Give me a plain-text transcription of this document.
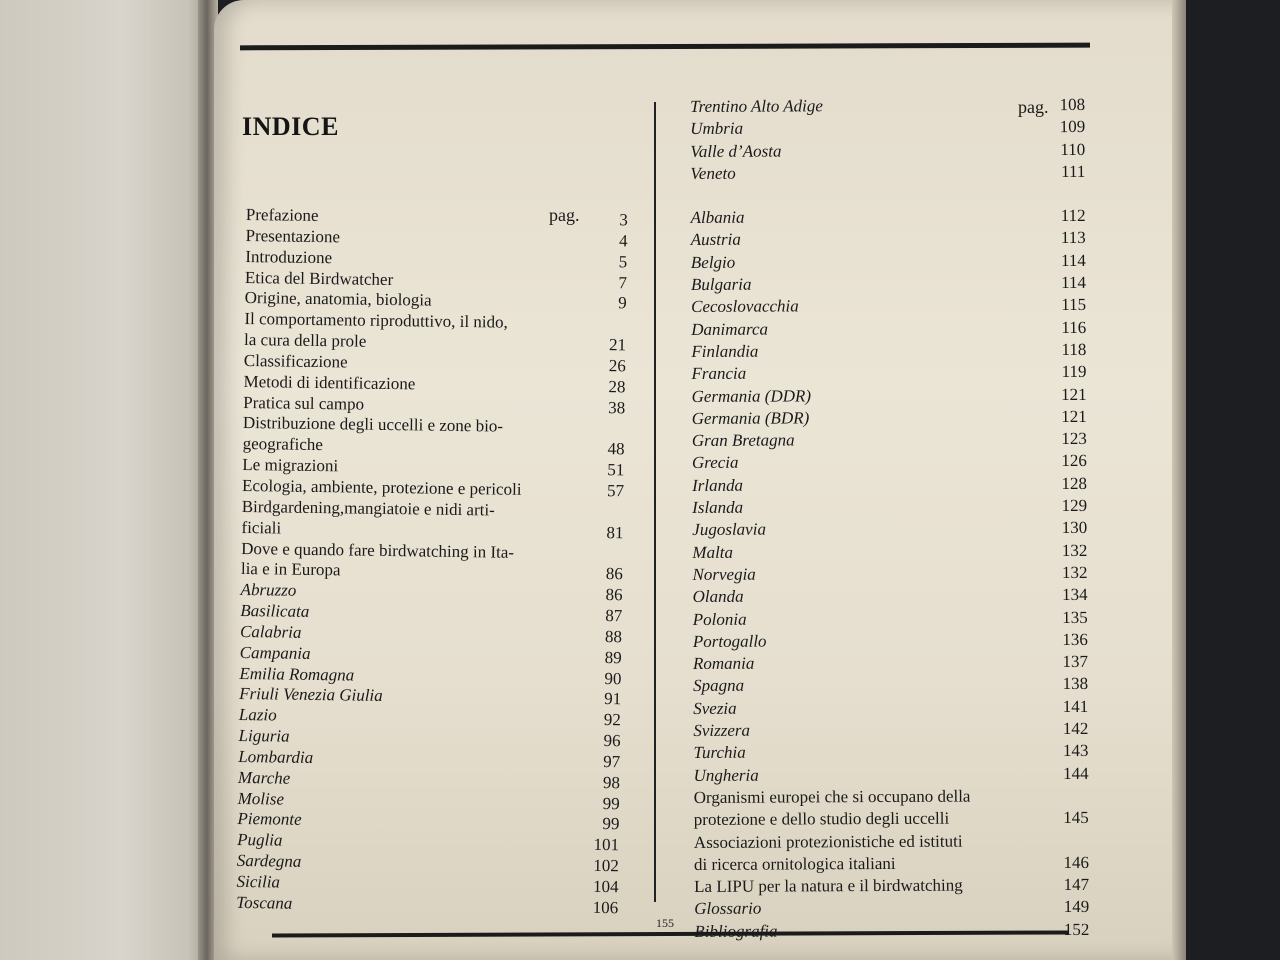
INDICE
pag.
pag.
Prefazione	3
Presentazione	4
Introduzione	5
Etica del Birdwatcher	7
Origine, anatomia, biologia	9
Il comportamento riproduttivo, il nido,
la cura della prole	21
Classificazione	26
Metodi di identificazione	28
Pratica sul campo	38
Distribuzione degli uccelli e zone bio-
geografiche	48
Le migrazioni	51
Ecologia, ambiente, protezione e pericoli	57
Birdgardening,mangiatoie e nidi arti-
ficiali	81
Dove e quando fare birdwatching in Ita-
lia e in Europa	86
Abruzzo	86
Basilicata	87
Calabria	88
Campania	89
Emilia Romagna	90
Friuli Venezia Giulia	91
Lazio	92
Liguria	96
Lombardia	97
Marche	98
Molise	99
Piemonte	99
Puglia	101
Sardegna	102
Sicilia	104
Toscana	106
Trentino Alto Adige	108
Umbria	109
Valle d’Aosta	110
Veneto	111
Albania	112
Austria	113
Belgio	114
Bulgaria	114
Cecoslovacchia	115
Danimarca	116
Finlandia	118
Francia	119
Germania (DDR)	121
Germania (BDR)	121
Gran Bretagna	123
Grecia	126
Irlanda	128
Islanda	129
Jugoslavia	130
Malta	132
Norvegia	132
Olanda	134
Polonia	135
Portogallo	136
Romania	137
Spagna	138
Svezia	141
Svizzera	142
Turchia	143
Ungheria	144
Organismi europei che si occupano della
protezione e dello studio degli uccelli	145
Associazioni protezionistiche ed istituti
di ricerca ornitologica italiani	146
La LIPU per la natura e il birdwatching	147
Glossario	149
Bibliografia	152
155
